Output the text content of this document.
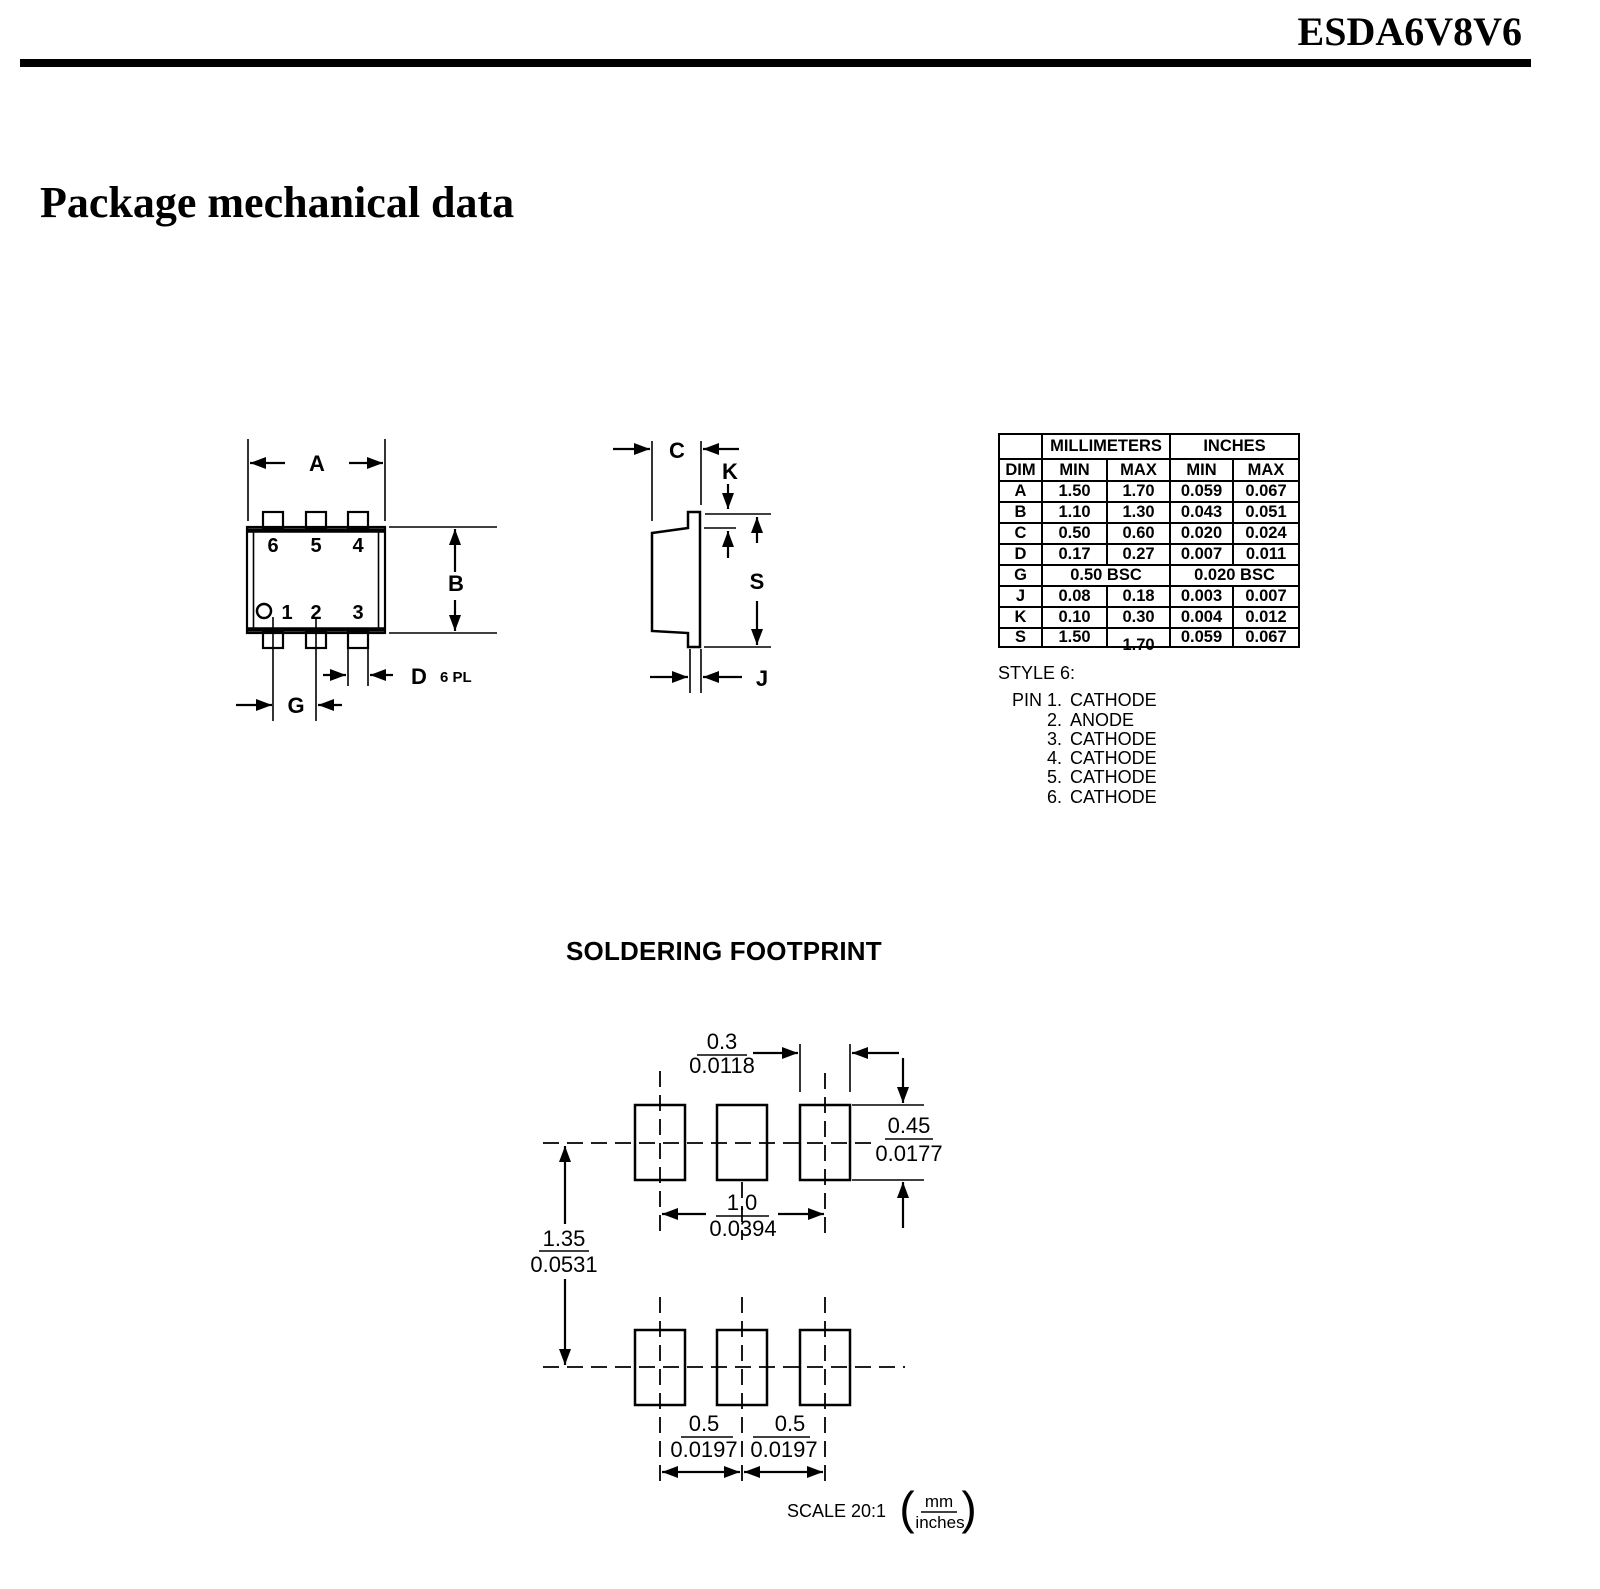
ESDA6V8V6
Package mechanical data
A
B
G
D 6 PL
6 5 4
1 2 3
C
K
S
J
0.3
0.0118
0.45
0.0177
1.0
0.0394
1.35
0.0531
0.5
0.0197
0.5
0.0197
SCALE 20:1 ( mm
inches
)
	MILLIMETERS		INCHES	
DIM	MIN	MAX	MIN	MAX
A	1.50	1.70	0.059	0.067
B	1.10	1.30	0.043	0.051
C	0.50	0.60	0.020	0.024
D	0.17	0.27	0.007	0.011
G	0.50 BSC		0.020 BSC	
J	0.08	0.18	0.003	0.007
K	0.10	0.30	0.004	0.012
S	1.50	1.70	0.059	0.067
STYLE 6:
PIN 1. CATHODE
2. ANODE
3. CATHODE
4. CATHODE
5. CATHODE
6. CATHODE
SOLDERING FOOTPRINT
